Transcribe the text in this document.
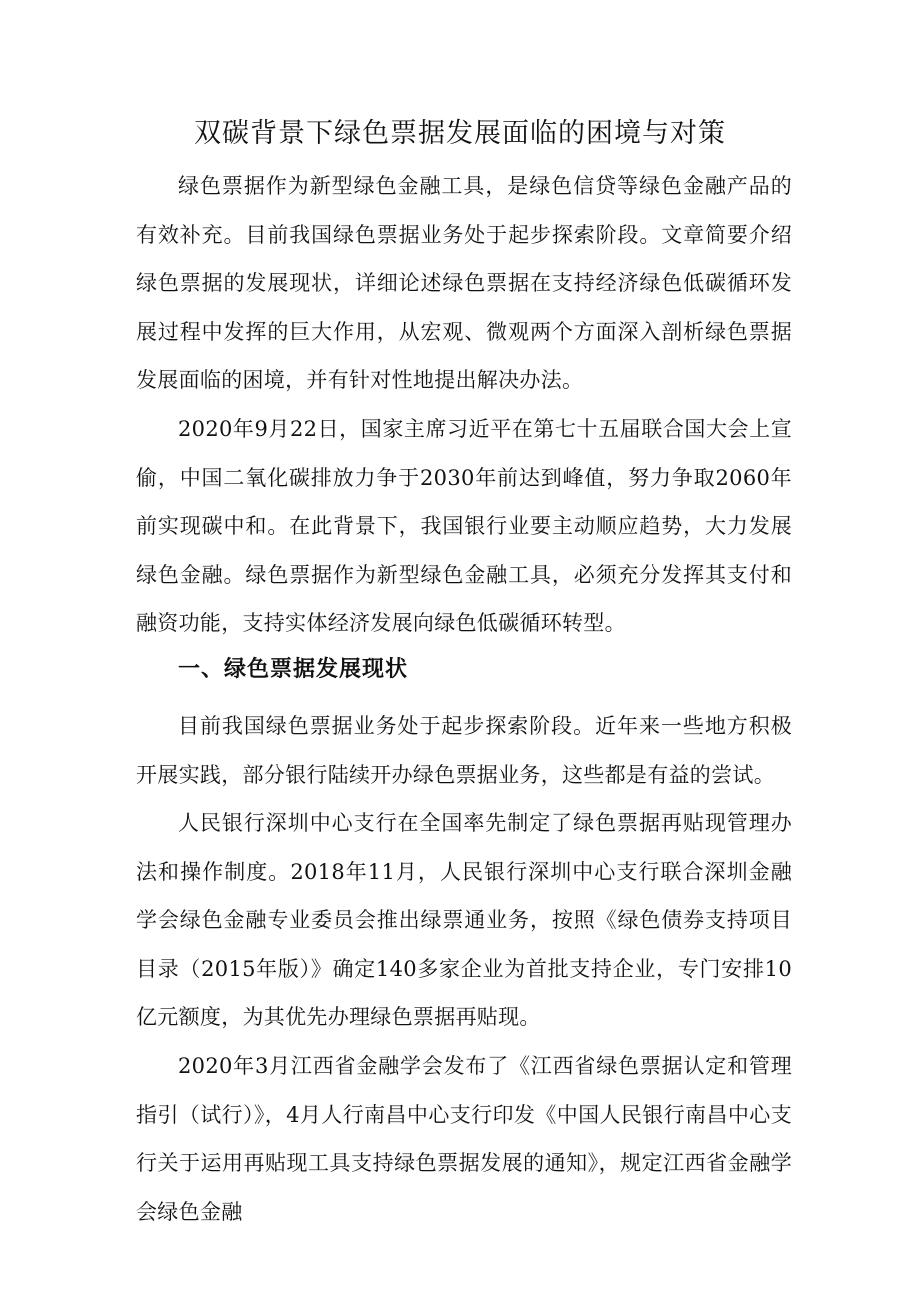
双碳背景下绿色票据发展面临的困境与对策

绿色票据作为新型绿色金融工具，是绿色信贷等绿色金融产品的有效补充。目前我国绿色票据业务处于起步探索阶段。文章简要介绍绿色票据的发展现状，详细论述绿色票据在支持经济绿色低碳循环发展过程中发挥的巨大作用，从宏观、微观两个方面深入剖析绿色票据发展面临的困境，并有针对性地提出解决办法。

2020年9月22日，国家主席习近平在第七十五届联合国大会上宣偷，中国二氧化碳排放力争于2030年前达到峰值，努力争取2060年前实现碳中和。在此背景下，我国银行业要主动顺应趋势，大力发展绿色金融。绿色票据作为新型绿色金融工具，必须充分发挥其支付和融资功能，支持实体经济发展向绿色低碳循环转型。

一、绿色票据发展现状

目前我国绿色票据业务处于起步探索阶段。近年来一些地方积极开展实践，部分银行陆续开办绿色票据业务，这些都是有益的尝试。

人民银行深圳中心支行在全国率先制定了绿色票据再贴现管理办法和操作制度。2018年11月，人民银行深圳中心支行联合深圳金融学会绿色金融专业委员会推出绿票通业务，按照《绿色债券支持项目目录（2015年版）》确定140多家企业为首批支持企业，专门安排10亿元额度，为其优先办理绿色票据再贴现。

2020年3月江西省金融学会发布了《江西省绿色票据认定和管理指引（试行）》，4月人行南昌中心支行印发《中国人民银行南昌中心支行关于运用再贴现工具支持绿色票据发展的通知》，规定江西省金融学会绿色金融
